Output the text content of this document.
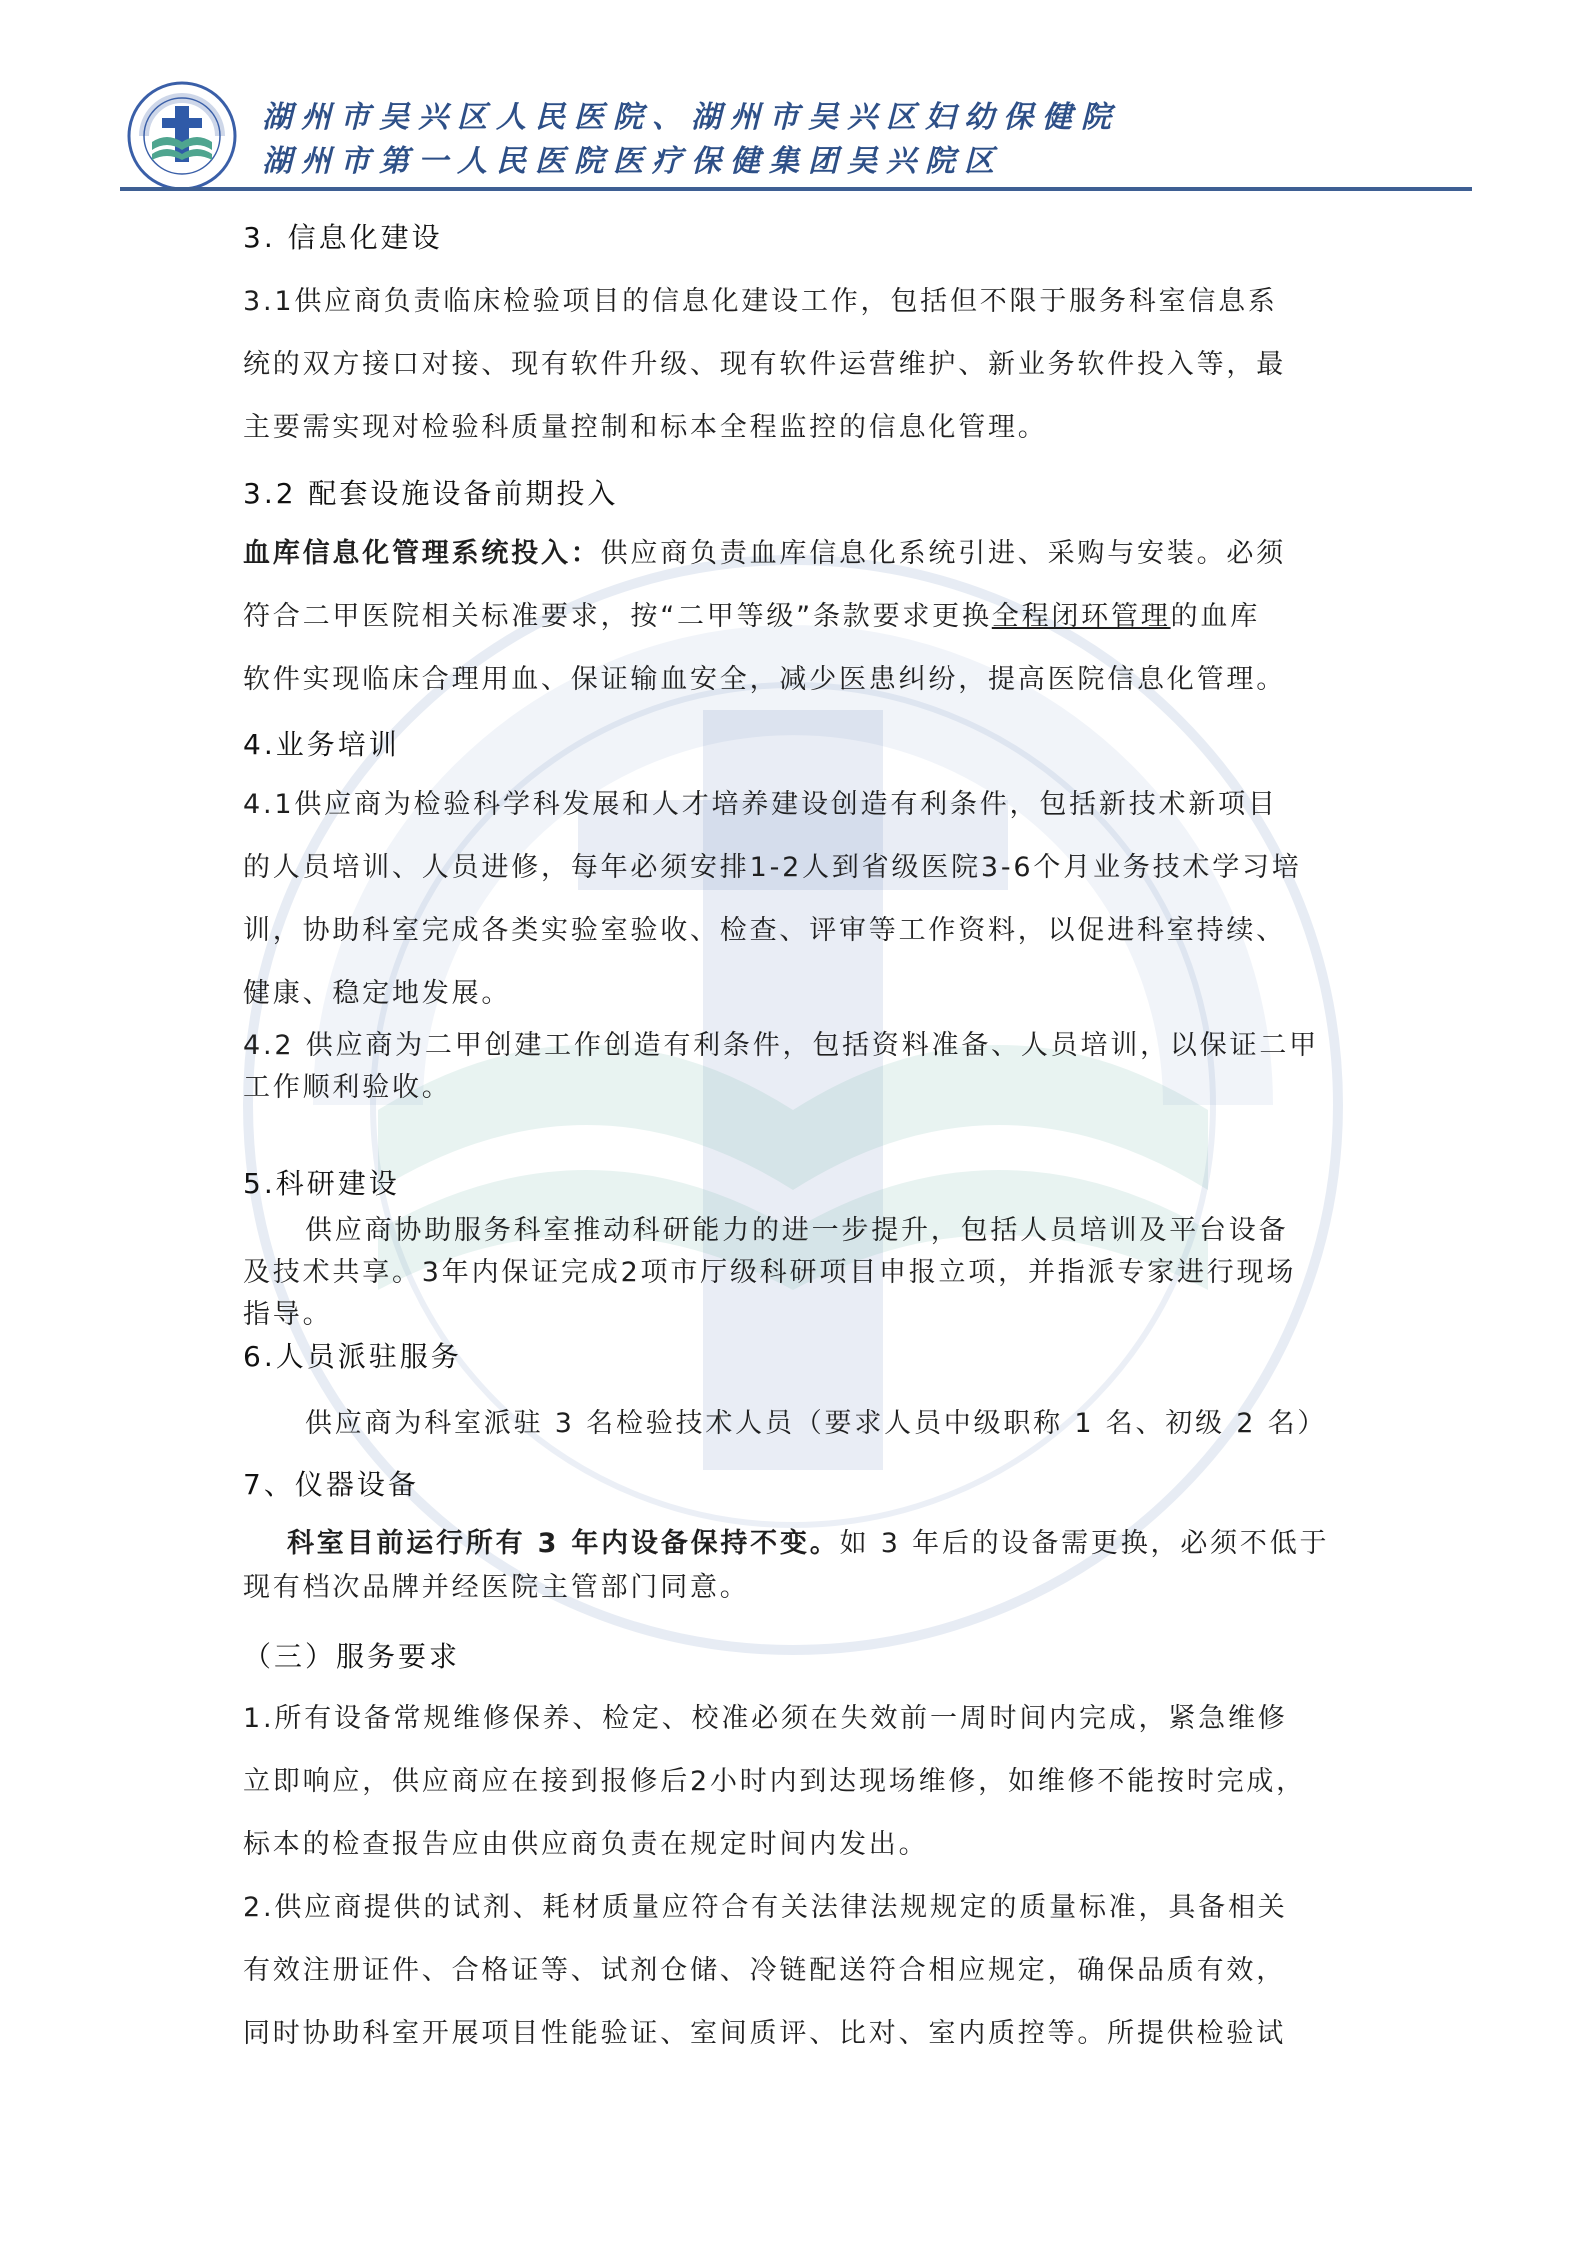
湖州市吴兴区人民医院、湖州市吴兴区妇幼保健院
湖州市第一人民医院医疗保健集团吴兴院区
3. 信息化建设
3.1供应商负责临床检验项目的信息化建设工作，包括但不限于服务科室信息系
统的双方接口对接、现有软件升级、现有软件运营维护、新业务软件投入等，最
主要需实现对检验科质量控制和标本全程监控的信息化管理。
3.2 配套设施设备前期投入
血库信息化管理系统投入：供应商负责血库信息化系统引进、采购与安装。必须
符合二甲医院相关标准要求，按“二甲等级”条款要求更换全程闭环管理的血库
软件实现临床合理用血、保证输血安全，减少医患纠纷，提高医院信息化管理。
4.业务培训
4.1供应商为检验科学科发展和人才培养建设创造有利条件，包括新技术新项目
的人员培训、人员进修，每年必须安排1-2人到省级医院3-6个月业务技术学习培
训，协助科室完成各类实验室验收、检查、评审等工作资料，以促进科室持续、
健康、稳定地发展。
4.2 供应商为二甲创建工作创造有利条件，包括资料准备、人员培训，以保证二甲
工作顺利验收。
5.科研建设
供应商协助服务科室推动科研能力的进一步提升，包括人员培训及平台设备
及技术共享。3年内保证完成2项市厅级科研项目申报立项，并指派专家进行现场
指导。
6.人员派驻服务
供应商为科室派驻 3 名检验技术人员（要求人员中级职称 1 名、初级 2 名）
7、仪器设备
科室目前运行所有 3 年内设备保持不变。如 3 年后的设备需更换，必须不低于
现有档次品牌并经医院主管部门同意。
（三）服务要求
1.所有设备常规维修保养、检定、校准必须在失效前一周时间内完成，紧急维修
立即响应，供应商应在接到报修后2小时内到达现场维修，如维修不能按时完成，
标本的检查报告应由供应商负责在规定时间内发出。
2.供应商提供的试剂、耗材质量应符合有关法律法规规定的质量标准，具备相关
有效注册证件、合格证等、试剂仓储、冷链配送符合相应规定，确保品质有效，
同时协助科室开展项目性能验证、室间质评、比对、室内质控等。所提供检验试
